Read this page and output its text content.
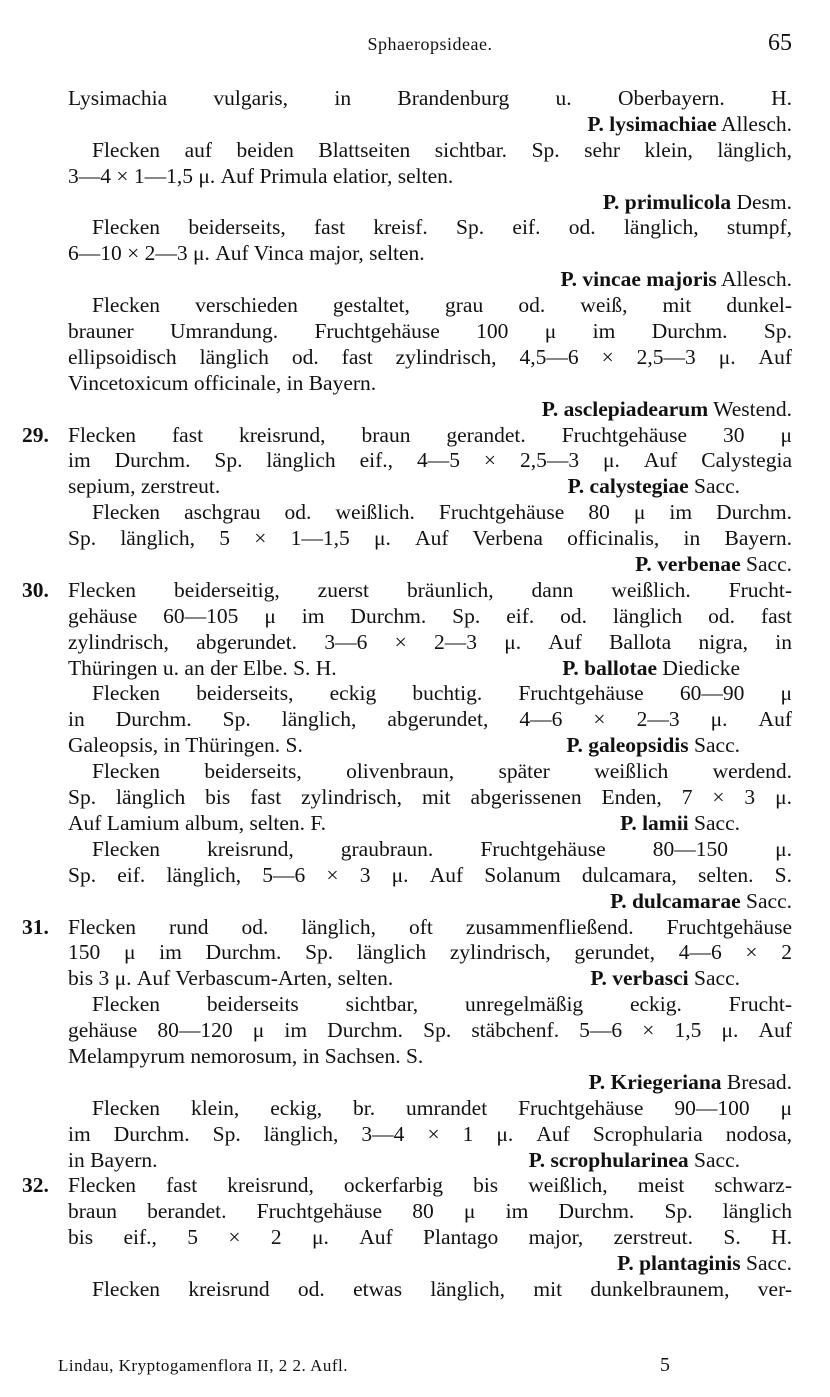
Sphaeropsideae.	65
Lysimachia vulgaris, in Brandenburg u. Oberbayern. H.
P. lysimachiae Allesch.
Flecken auf beiden Blattseiten sichtbar. Sp. sehr klein, länglich,
3—4 × 1—1,5 μ. Auf Primula elatior, selten.
P. primulicola Desm.
Flecken beiderseits, fast kreisf. Sp. eif. od. länglich, stumpf,
6—10 × 2—3 μ. Auf Vinca major, selten.
P. vincae majoris Allesch.
Flecken verschieden gestaltet, grau od. weiß, mit dunkel-
brauner Umrandung. Fruchtgehäuse 100 μ im Durchm. Sp.
ellipsoidisch länglich od. fast zylindrisch, 4,5—6 × 2,5—3 μ. Auf
Vincetoxicum officinale, in Bayern.
P. asclepiadearum Westend.
29. Flecken fast kreisrund, braun gerandet. Fruchtgehäuse 30 μ
im Durchm. Sp. länglich eif., 4—5 × 2,5—3 μ. Auf Calystegia
sepium, zerstreut.	P. calystegiae Sacc.
Flecken aschgrau od. weißlich. Fruchtgehäuse 80 μ im Durchm.
Sp. länglich, 5 × 1—1,5 μ. Auf Verbena officinalis, in Bayern.
P. verbenae Sacc.
30. Flecken beiderseitig, zuerst bräunlich, dann weißlich. Frucht-
gehäuse 60—105 μ im Durchm. Sp. eif. od. länglich od. fast
zylindrisch, abgerundet. 3—6 × 2—3 μ. Auf Ballota nigra, in
Thüringen u. an der Elbe. S. H.	P. ballotae Diedicke
Flecken beiderseits, eckig buchtig. Fruchtgehäuse 60—90 μ
in Durchm. Sp. länglich, abgerundet, 4—6 × 2—3 μ. Auf
Galeopsis, in Thüringen. S.	P. galeopsidis Sacc.
Flecken beiderseits, olivenbraun, später weißlich werdend.
Sp. länglich bis fast zylindrisch, mit abgerissenen Enden, 7 × 3 μ.
Auf Lamium album, selten. F.	P. lamii Sacc.
Flecken kreisrund, graubraun. Fruchtgehäuse 80—150 μ.
Sp. eif. länglich, 5—6 × 3 μ. Auf Solanum dulcamara, selten. S.
P. dulcamarae Sacc.
31. Flecken rund od. länglich, oft zusammenfließend. Fruchtgehäuse
150 μ im Durchm. Sp. länglich zylindrisch, gerundet, 4—6 × 2
bis 3 μ. Auf Verbascum-Arten, selten.	P. verbasci Sacc.
Flecken beiderseits sichtbar, unregelmäßig eckig. Frucht-
gehäuse 80—120 μ im Durchm. Sp. stäbchenf. 5—6 × 1,5 μ. Auf
Melampyrum nemorosum, in Sachsen. S.
P. Kriegeriana Bresad.
Flecken klein, eckig, br. umrandet Fruchtgehäuse 90—100 μ
im Durchm. Sp. länglich, 3—4 × 1 μ. Auf Scrophularia nodosa,
in Bayern.	P. scrophularinea Sacc.
32. Flecken fast kreisrund, ockerfarbig bis weißlich, meist schwarz-
braun berandet. Fruchtgehäuse 80 μ im Durchm. Sp. länglich
bis eif., 5 × 2 μ. Auf Plantago major, zerstreut. S. H.
P. plantaginis Sacc.
Flecken kreisrund od. etwas länglich, mit dunkelbraunem, ver-
Lindau, Kryptogamenflora II, 2 2. Aufl.	5
